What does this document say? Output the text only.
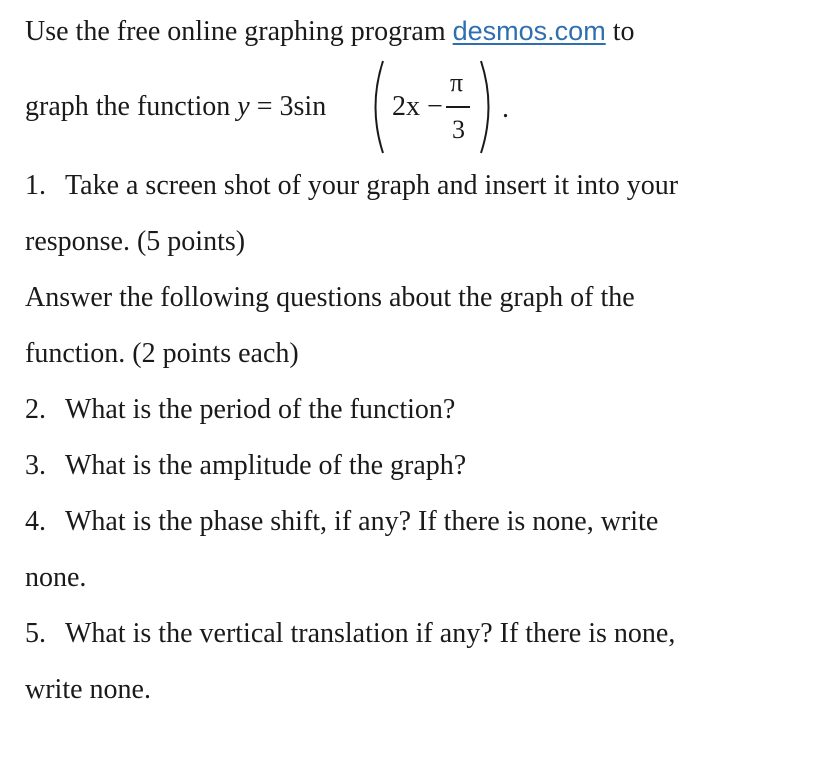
Use the free online graphing program desmos.com to
graph the function y = 3sin 2x −
π
3
.
1. Take a screen shot of your graph and insert it into your
response. (5 points)
Answer the following questions about the graph of the
function. (2 points each)
2. What is the period of the function?
3. What is the amplitude of the graph?
4. What is the phase shift, if any? If there is none, write
none.
5. What is the vertical translation if any? If there is none,
write none.
